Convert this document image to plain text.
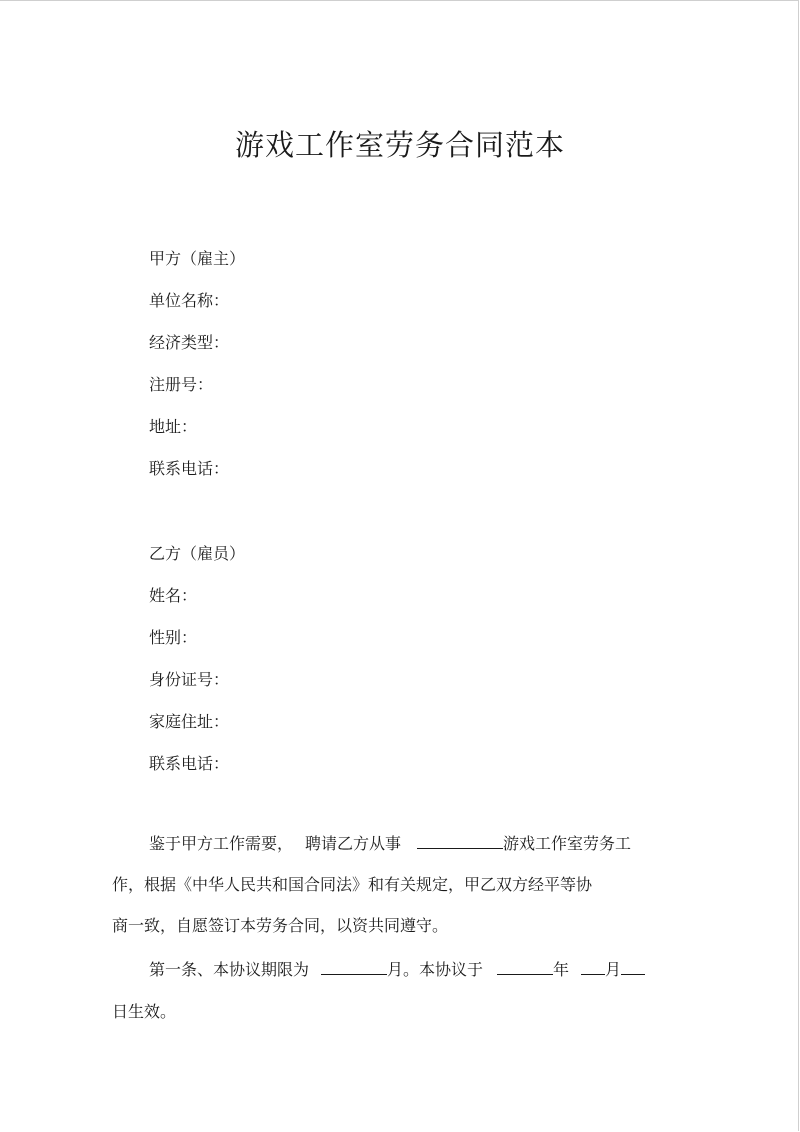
游戏工作室劳务合同范本
甲方（雇主）
单位名称：
经济类型：
注册号：
地址：
联系电话：
乙方（雇员）
姓名：
性别：
身份证号：
家庭住址：
联系电话：
鉴于甲方工作需要， 聘请乙方从事	游戏工作室劳务工
作，根据《中华人民共和国合同法》和有关规定，甲乙双方经平等协
商一致，自愿签订本劳务合同，以资共同遵守。
第一条、本协议期限为	月。本协议于	年 月
日生效。
